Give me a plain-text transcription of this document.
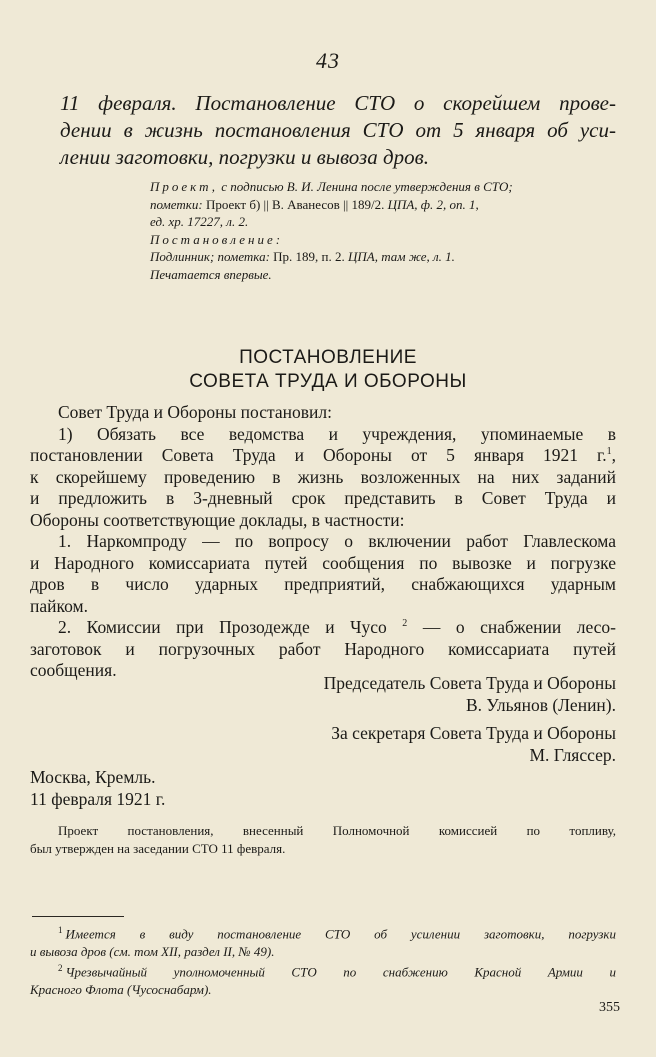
43
11 февраля. Постановление СТО о скорейшем прове-
дении в жизнь постановления СТО от 5 января об уси-
лении заготовки, погрузки и вывоза дров.
Проект, с подписью В. И. Ленина после утверждения в СТО;
пометки: Проект б) || В. Аванесов || 189/2. ЦПА, ф. 2, оп. 1,
ед. хр. 17227, л. 2.
Постановление:
Подлинник; пометка: Пр. 189, п. 2. ЦПА, там же, л. 1.
Печатается впервые.
ПОСТАНОВЛЕНИЕ
СОВЕТА ТРУДА И ОБОРОНЫ
Совет Труда и Обороны постановил:
1) Обязать все ведомства и учреждения, упоминаемые в
постановлении Совета Труда и Обороны от 5 января 1921 г.$^1$,
к скорейшему проведению в жизнь возложенных на них заданий
и предложить в 3-дневный срок представить в Совет Труда и
Обороны соответствующие доклады, в частности:
1. Наркомпроду — по вопросу о включении работ Главлескома
и Народного комиссариата путей сообщения по вывозке и погрузке
дров в число ударных предприятий, снабжающихся ударным
пайком.
2. Комиссии при Прозодежде и Чусо $^2$ — о снабжении лесо-
заготовок и погрузочных работ Народного комиссариата путей
сообщения.
Председатель Совета Труда и Обороны
В. Ульянов (Ленин).
За секретаря Совета Труда и Обороны
М. Гляссер.
Москва, Кремль.
11 февраля 1921 г.
Проект постановления, внесенный Полномочной комиссией по топливу,
был утвержден на заседании СТО 11 февраля.
$^1$ Имеется в виду постановление СТО об усилении заготовки, погрузки
и вывоза дров (см. том XII, раздел II, № 49).
$^2$ Чрезвычайный уполномоченный СТО по снабжению Красной Армии и
Красного Флота (Чусоснабарм).
355
